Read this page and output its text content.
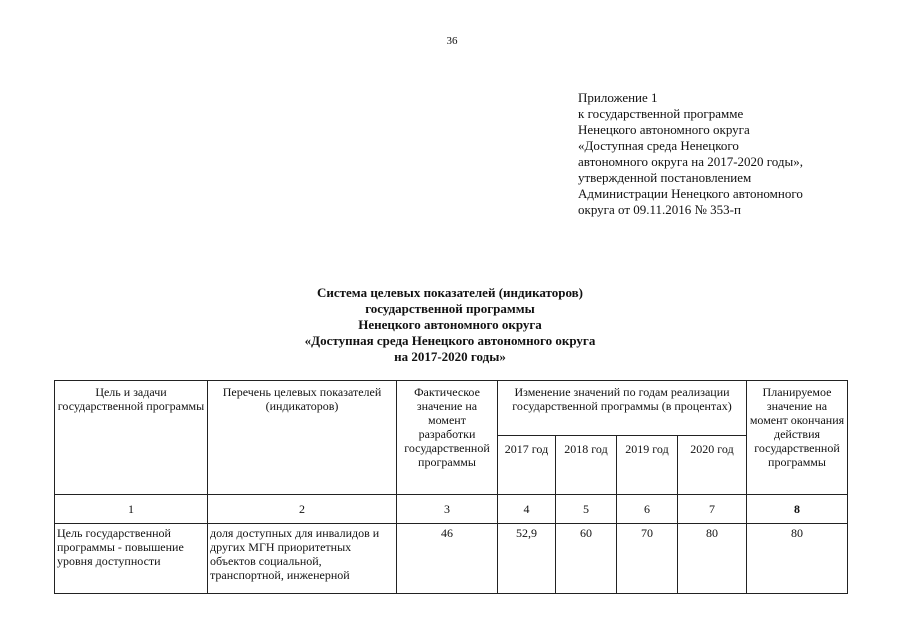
36
Приложение 1
к государственной программе
Ненецкого автономного округа
«Доступная среда Ненецкого
автономного округа на 2017-2020 годы»,
утвержденной постановлением
Администрации Ненецкого автономного
округа от 09.11.2016 № 353-п
Система целевых показателей (индикаторов)
государственной программы
Ненецкого автономного округа
«Доступная среда Ненецкого автономного округа
на 2017-2020 годы»
Цель и задачи государственной программы	Перечень целевых показателей (индикаторов)	Фактическое значение на момент разработки государственной программы	Изменение значений по годам реализации государственной программы (в процентах)				Планируемое значение на момент окончания действия государственной программы
			2017 год	2018 год	2019 год	2020 год	
1	2	3	4	5	6	7	8
Цель государственной программы - повышение уровня доступности	доля доступных для инвалидов и других МГН приоритетных объектов социальной, транспортной, инженерной	46	52,9	60	70	80	80
